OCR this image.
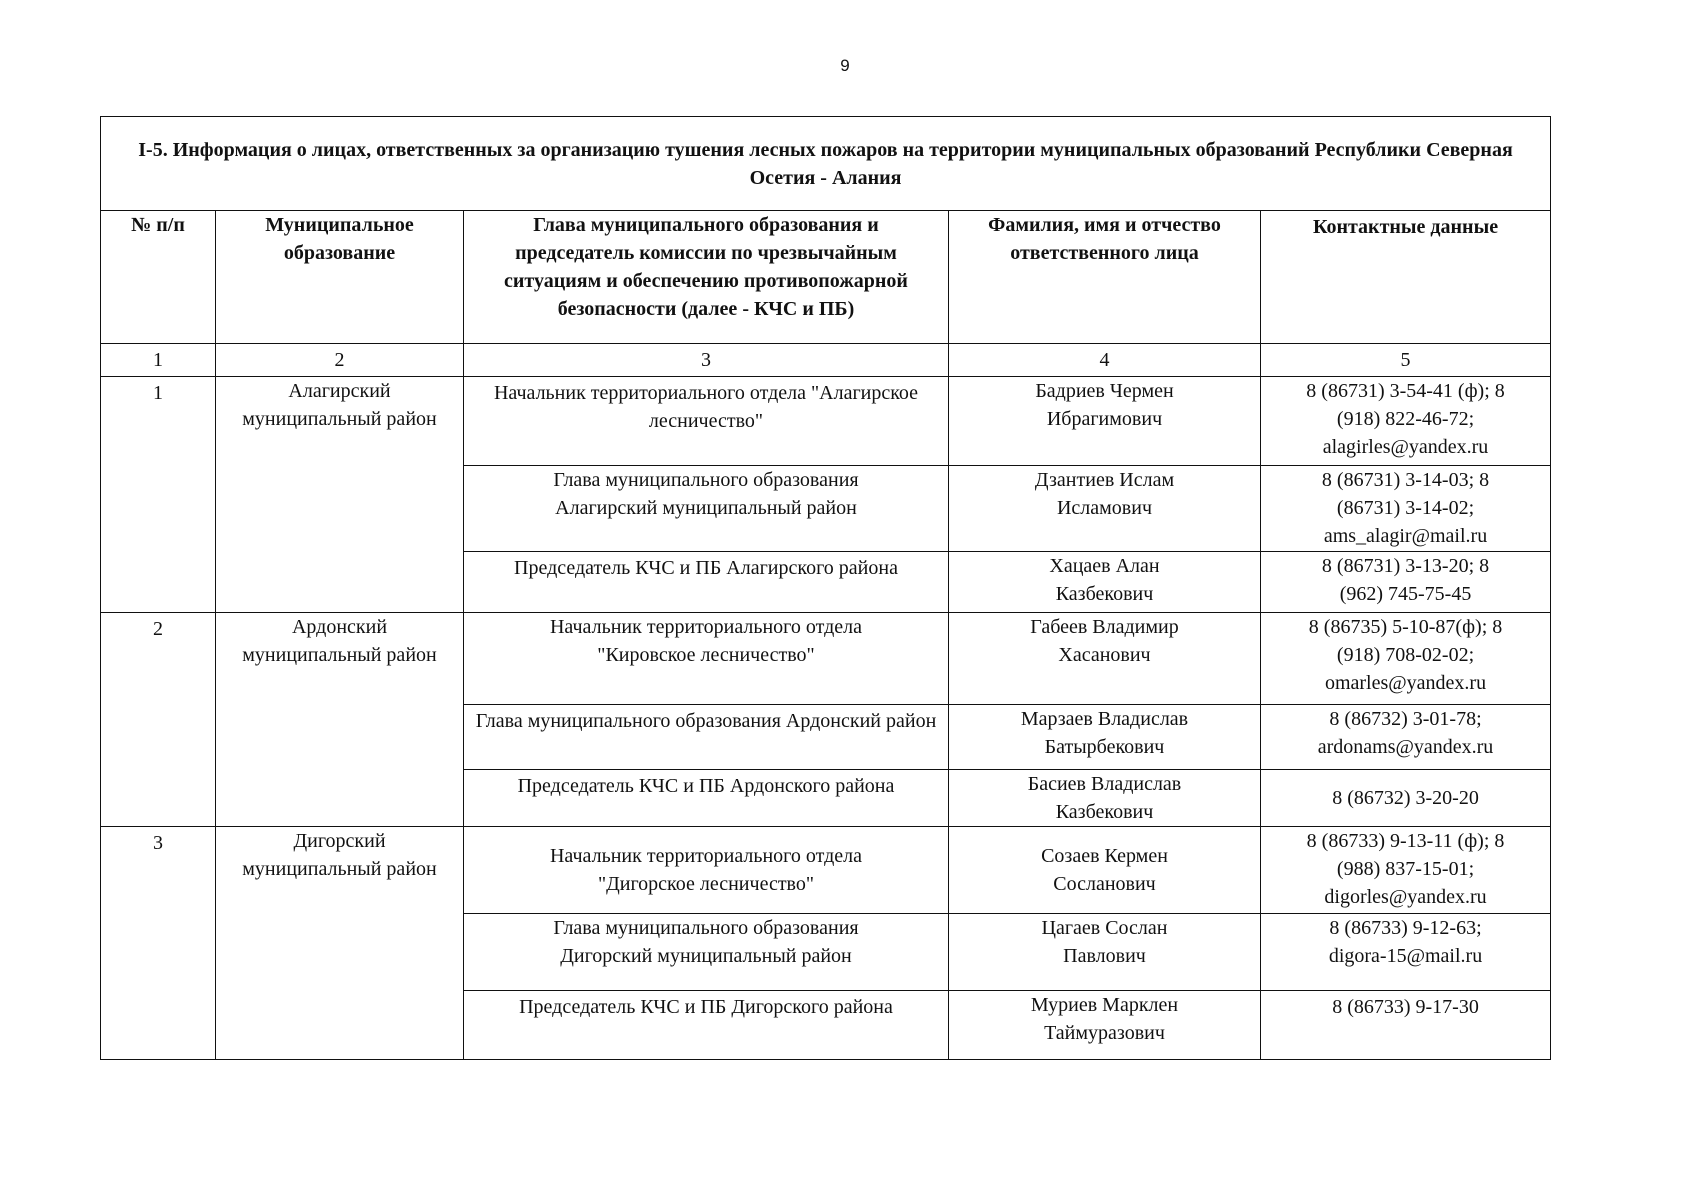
9
I-5. Информация о лицах, ответственных за организацию тушения лесных пожаров на территории муниципальных образований Республики Северная Осетия - Алания				
№ п/п	Муниципальное образование	Глава муниципального образования и председатель комиссии по чрезвычайным ситуациям и обеспечению противопожарной безопасности (далее - КЧС и ПБ)	Фамилия, имя и отчество ответственного лица	Контактные данные
1	2	3	4	5
1	Алагирский муниципальный район	Начальник территориального отдела "Алагирское лесничество"	Бадриев Чермен Ибрагимович	8 (86731) 3-54-41 (ф); 8 (918) 822-46-72; alagirles@yandex.ru
		Глава муниципального образования Алагирский муниципальный район	Дзантиев Ислам Исламович	8 (86731) 3-14-03; 8 (86731) 3-14-02; ams_alagir@mail.ru
		Председатель КЧС и ПБ Алагирского района	Хацаев Алан Казбекович	8 (86731) 3-13-20; 8 (962) 745-75-45
2	Ардонский муниципальный район	Начальник территориального отдела "Кировское лесничество"	Габеев Владимир Хасанович	8 (86735) 5-10-87(ф); 8 (918) 708-02-02; omarles@yandex.ru
		Глава муниципального образования Ардонский район	Марзаев Владислав Батырбекович	8 (86732) 3-01-78; ardonams@yandex.ru
		Председатель КЧС и ПБ Ардонского района	Басиев Владислав Казбекович	8 (86732) 3-20-20
3	Дигорский муниципальный район	Начальник территориального отдела "Дигорское лесничество"	Созаев Кермен Сосланович	8 (86733) 9-13-11 (ф); 8 (988) 837-15-01; digorles@yandex.ru
		Глава муниципального образования Дигорский муниципальный район	Цагаев Сослан Павлович	8 (86733) 9-12-63; digora-15@mail.ru
		Председатель КЧС и ПБ Дигорского района	Муриев Марклен Таймуразович	8 (86733) 9-17-30
